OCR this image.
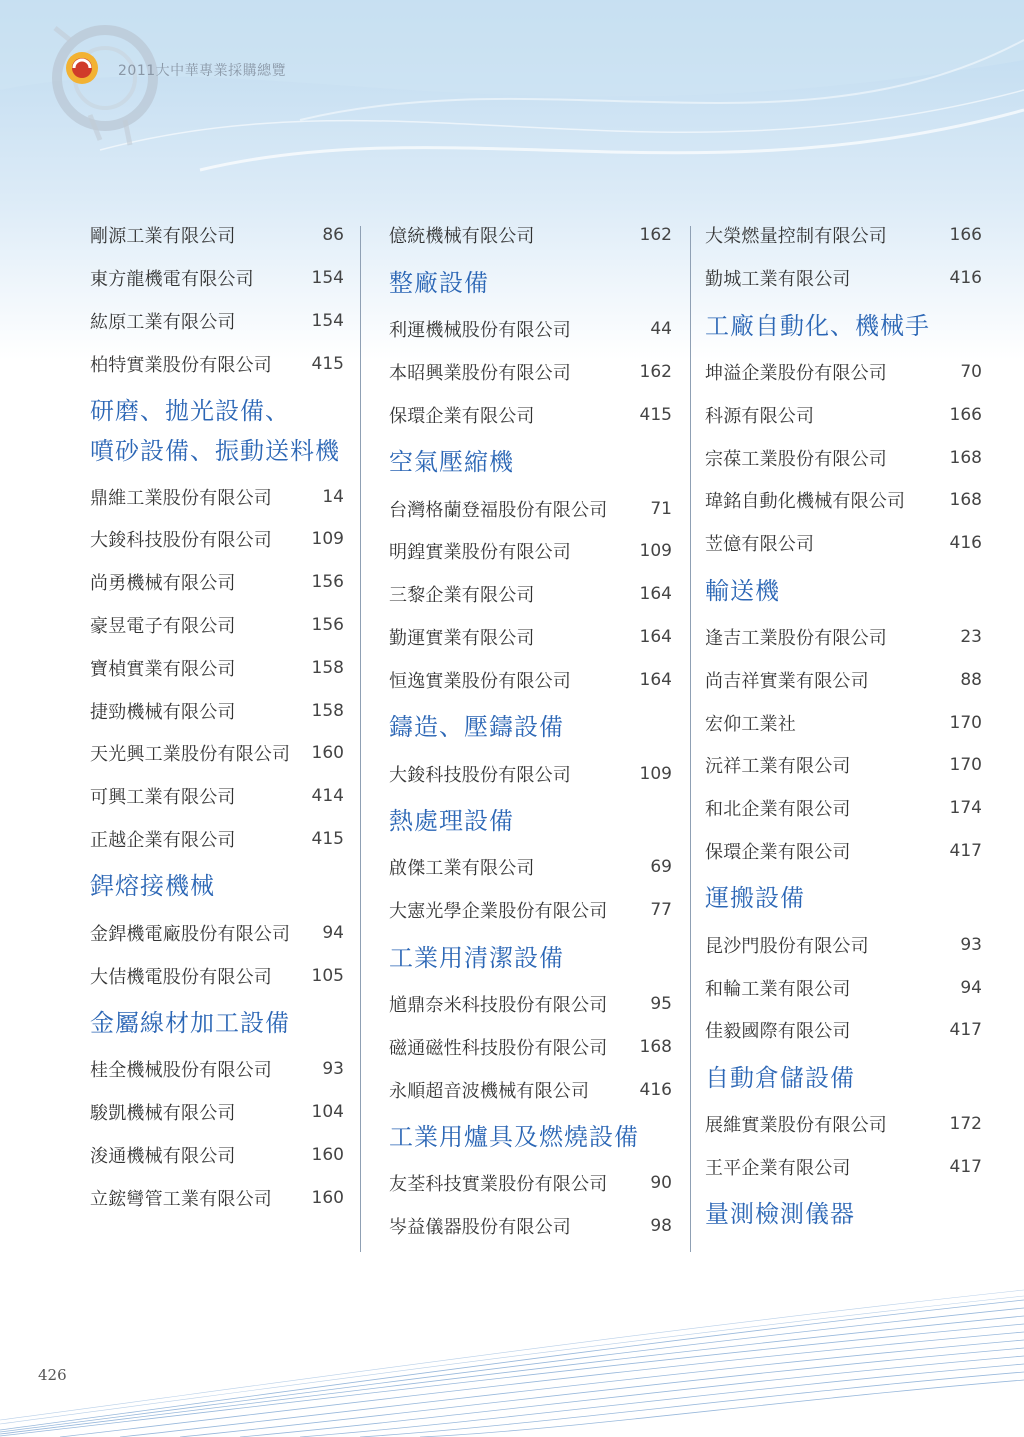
2011大中華專業採購總覽
剛源工業有限公司	86
東方龍機電有限公司	154
紘原工業有限公司	154
柏特實業股份有限公司 415
研磨、拋光設備、
噴砂設備、振動送料機
鼎維工業股份有限公司	14
大鋑科技股份有限公司 109
尚勇機械有限公司	156
豪昱電子有限公司	156
寶楨實業有限公司	158
捷勁機械有限公司	158
天光興工業股份有限公司 160
可興工業有限公司	414
正越企業有限公司	415
銲熔接機械
金銲機電廠股份有限公司 94
大佶機電股份有限公司 105
金屬線材加工設備
桂全機械股份有限公司	93
駿凱機械有限公司	104
浚通機械有限公司	160
立鋐彎管工業有限公司 160
億統機械有限公司	162
整廠設備
利運機械股份有限公司	44
本昭興業股份有限公司	162
保環企業有限公司	415
空氣壓縮機
台灣格蘭登福股份有限公司	71
明鍠實業股份有限公司	109
三黎企業有限公司	164
勤運實業有限公司	164
恒逸實業股份有限公司	164
鑄造、壓鑄設備
大鋑科技股份有限公司	109
熱處理設備
啟傑工業有限公司	69
大憲光學企業股份有限公司	77
工業用清潔設備
馗鼎奈米科技股份有限公司	95
磁通磁性科技股份有限公司 168
永順超音波機械有限公司	416
工業用爐具及燃燒設備
友荃科技實業股份有限公司	90
岑益儀器股份有限公司	98
大榮燃量控制有限公司	166
勤城工業有限公司	416
工廠自動化、機械手
坤溢企業股份有限公司	70
科源有限公司	166
宗葆工業股份有限公司	168
瑋銘自動化機械有限公司	168
苙億有限公司	416
輸送機
逢吉工業股份有限公司	23
尚吉祥實業有限公司	88
宏仰工業社	170
沅祥工業有限公司	170
和北企業有限公司	174
保環企業有限公司	417
運搬設備
昆沙門股份有限公司	93
和輪工業有限公司	94
佳毅國際有限公司	417
自動倉儲設備
展維實業股份有限公司	172
王平企業有限公司	417
量測檢測儀器
426
